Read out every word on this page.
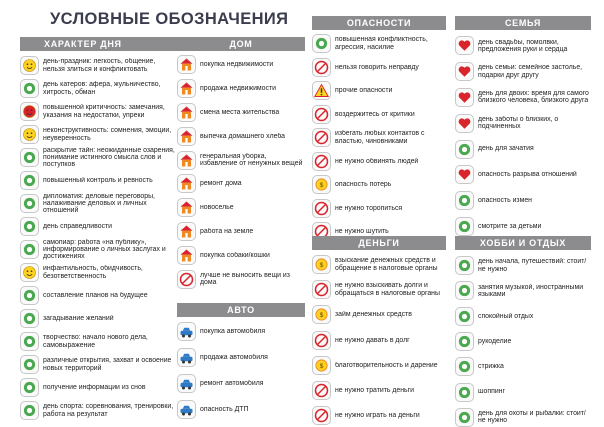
УСЛОВНЫЕ ОБОЗНАЧЕНИЯ
ХАРАКТЕР ДНЯ
день-праздник: легкость, общение, нельзя злиться и конфликтовать
день катеров: афера, жульничество, хитрость, обман
повышенной критичность: замечания, указания на недостатки, упреки
неконструктивность: сомнения, эмоции, неуверенность
раскрытие тайн: неожиданные озарения, понимание истинного смысла слов и поступков
повышенный контроль и ревность
дипломатия: деловые переговоры, налаживание деловых и личных отношений
день справедливости
самопиар: работа «на публику», информирование о личных заслугах и достижениях
инфантильность, обидчивость, безответственность
составление планов на будущее
загадывание желаний
творчество: начало нового дела, самовыражение
различные открытия, захват и освоение новых территорий
получение информации из снов
день спорта: соревнования, тренировки, работа на результат
ДОМ
покупка недвижимости
продажа недвижимости
смена места жительства
выпечка домашнего хлеба
генеральная уборка, избавление от ненужных вещей
ремонт дома
новоселье
работа на земле
покупка собаки/кошки
лучше не выносить вещи из дома
АВТО
покупка автомобиля
продажа автомобиля
ремонт автомобиля
опасность ДТП
ОПАСНОСТИ
повышенная конфликтность, агрессия, насилие
нельзя говорить неправду
прочие опасности
воздержитесь от критики
избегать любых контактов с властью, чиновниками
не нужно обвинять людей
$ опасность потерь
не нужно торопиться
не нужно шутить
ДЕНЬГИ
$
взыскание денежных средств и обращение в налоговые органы
не нужно взыскивать долги и обращаться в налоговые органы
$ займ денежных средств
не нужно давать в долг
$ благотворительность и дарение
не нужно тратить деньги
не нужно играть на деньги
СЕМЬЯ
день свадьбы, помолвки, предложения руки и сердца
день семьи: семейное застолье, подарки друг другу
день для двоих: время для самого близкого человека, близкого друга
день заботы о близких, о подчиненных
день для зачатия
опасность разрыва отношений
опасность измен
смотрите за детьми
ХОББИ И ОТДЫХ
день начала, путешествий: стоит/не нужно
занятия музыкой, иностранными языками
спокойный отдых
рукоделие
стрижка
шоппинг
день для охоты и рыбалки: стоит/не нужно
